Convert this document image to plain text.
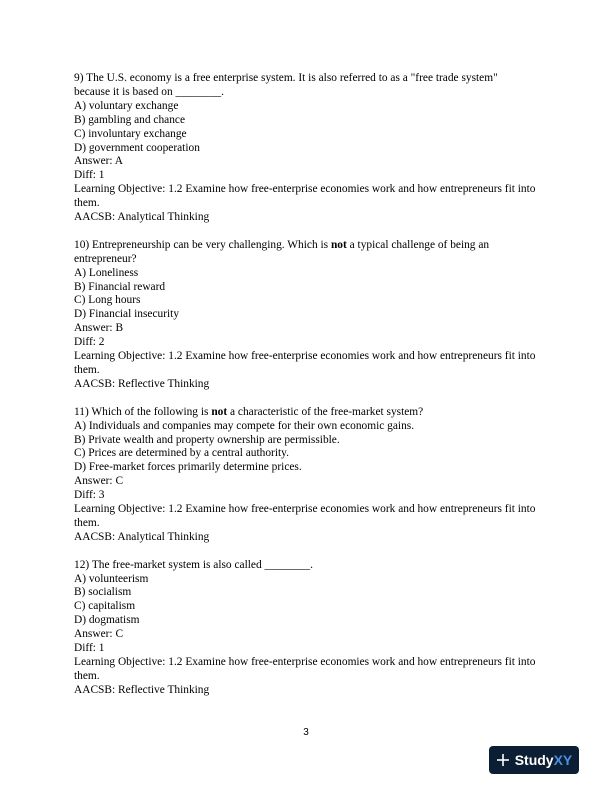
9) The U.S. economy is a free enterprise system. It is also referred to as a "free trade system"
because it is based on ________.
A) voluntary exchange
B) gambling and chance
C) involuntary exchange
D) government cooperation
Answer: A
Diff: 1
Learning Objective: 1.2 Examine how free-enterprise economies work and how entrepreneurs fit into them.
AACSB: Analytical Thinking
10) Entrepreneurship can be very challenging. Which is not a typical challenge of being an
entrepreneur?
A) Loneliness
B) Financial reward
C) Long hours
D) Financial insecurity
Answer: B
Diff: 2
Learning Objective: 1.2 Examine how free-enterprise economies work and how entrepreneurs fit into them.
AACSB: Reflective Thinking
11) Which of the following is not a characteristic of the free-market system?
A) Individuals and companies may compete for their own economic gains.
B) Private wealth and property ownership are permissible.
C) Prices are determined by a central authority.
D) Free-market forces primarily determine prices.
Answer: C
Diff: 3
Learning Objective: 1.2 Examine how free-enterprise economies work and how entrepreneurs fit into them.
AACSB: Analytical Thinking
12) The free-market system is also called ________.
A) volunteerism
B) socialism
C) capitalism
D) dogmatism
Answer: C
Diff: 1
Learning Objective: 1.2 Examine how free-enterprise economies work and how entrepreneurs fit into them.
AACSB: Reflective Thinking
3
Study XY
